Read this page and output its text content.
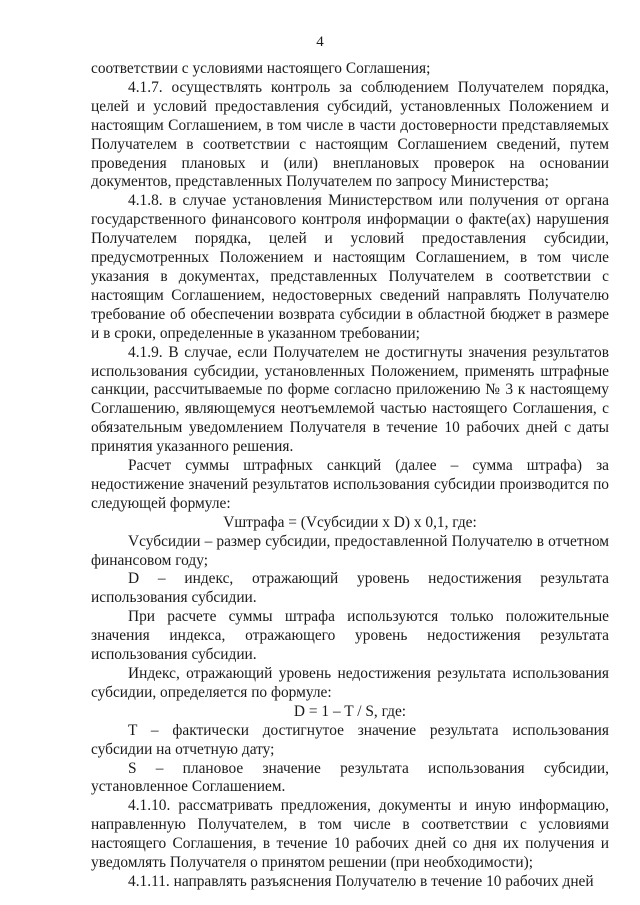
4

соответствии с условиями настоящего Соглашения;

4.1.7. осуществлять контроль за соблюдением Получателем порядка, целей и условий предоставления субсидий, установленных Положением и настоящим Соглашением, в том числе в части достоверности представляемых Получателем в соответствии с настоящим Соглашением сведений, путем проведения плановых и (или) внеплановых проверок на основании документов, представленных Получателем по запросу Министерства;

4.1.8. в случае установления Министерством или получения от органа государственного финансового контроля информации о факте(ах) нарушения Получателем порядка, целей и условий предоставления субсидии, предусмотренных Положением и настоящим Соглашением, в том числе указания в документах, представленных Получателем в соответствии с настоящим Соглашением, недостоверных сведений направлять Получателю требование об обеспечении возврата субсидии в областной бюджет в размере и в сроки, определенные в указанном требовании;

4.1.9. В случае, если Получателем не достигнуты значения результатов использования субсидии, установленных Положением, применять штрафные санкции, рассчитываемые по форме согласно приложению № 3 к настоящему Соглашению, являющемуся неотъемлемой частью настоящего Соглашения, с обязательным уведомлением Получателя в течение 10 рабочих дней с даты принятия указанного решения.

Расчет суммы штрафных санкций (далее – сумма штрафа) за недостижение значений результатов использования субсидии производится по следующей формуле:

Vштрафа = (Vсубсидии x D) x 0,1, где:

Vсубсидии – размер субсидии, предоставленной Получателю в отчетном финансовом году;

D – индекс, отражающий уровень недостижения результата использования субсидии.

При расчете суммы штрафа используются только положительные значения индекса, отражающего уровень недостижения результата использования субсидии.

Индекс, отражающий уровень недостижения результата использования субсидии, определяется по формуле:

D = 1 – T / S, где:

T – фактически достигнутое значение результата использования субсидии на отчетную дату;

S – плановое значение результата использования субсидии, установленное Соглашением.

4.1.10. рассматривать предложения, документы и иную информацию, направленную Получателем, в том числе в соответствии с условиями настоящего Соглашения, в течение 10 рабочих дней со дня их получения и уведомлять Получателя о принятом решении (при необходимости);

4.1.11. направлять разъяснения Получателю в течение 10 рабочих дней
